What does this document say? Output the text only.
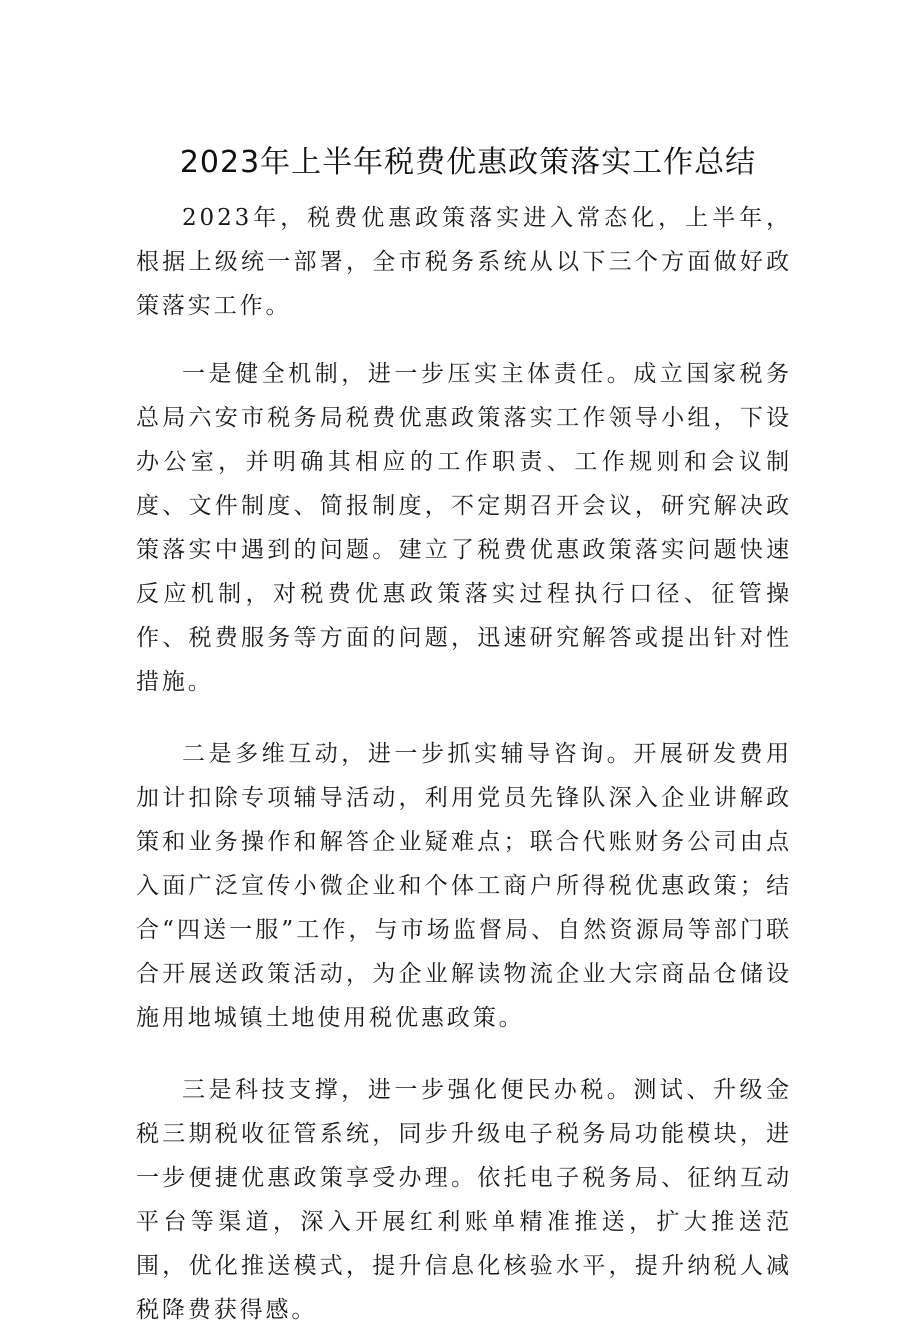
2023年上半年税费优惠政策落实工作总结

2023年，税费优惠政策落实进入常态化，上半年，根据上级统一部署，全市税务系统从以下三个方面做好政策落实工作。

一是健全机制，进一步压实主体责任。成立国家税务总局六安市税务局税费优惠政策落实工作领导小组，下设办公室，并明确其相应的工作职责、工作规则和会议制度、文件制度、简报制度，不定期召开会议，研究解决政策落实中遇到的问题。建立了税费优惠政策落实问题快速反应机制，对税费优惠政策落实过程执行口径、征管操作、税费服务等方面的问题，迅速研究解答或提出针对性措施。

二是多维互动，进一步抓实辅导咨询。开展研发费用加计扣除专项辅导活动，利用党员先锋队深入企业讲解政策和业务操作和解答企业疑难点；联合代账财务公司由点入面广泛宣传小微企业和个体工商户所得税优惠政策；结合“四送一服”工作，与市场监督局、自然资源局等部门联合开展送政策活动，为企业解读物流企业大宗商品仓储设施用地城镇土地使用税优惠政策。

三是科技支撑，进一步强化便民办税。测试、升级金税三期税收征管系统，同步升级电子税务局功能模块，进一步便捷优惠政策享受办理。依托电子税务局、征纳互动平台等渠道，深入开展红利账单精准推送，扩大推送范围，优化推送模式，提升信息化核验水平，提升纳税人减税降费获得感。
